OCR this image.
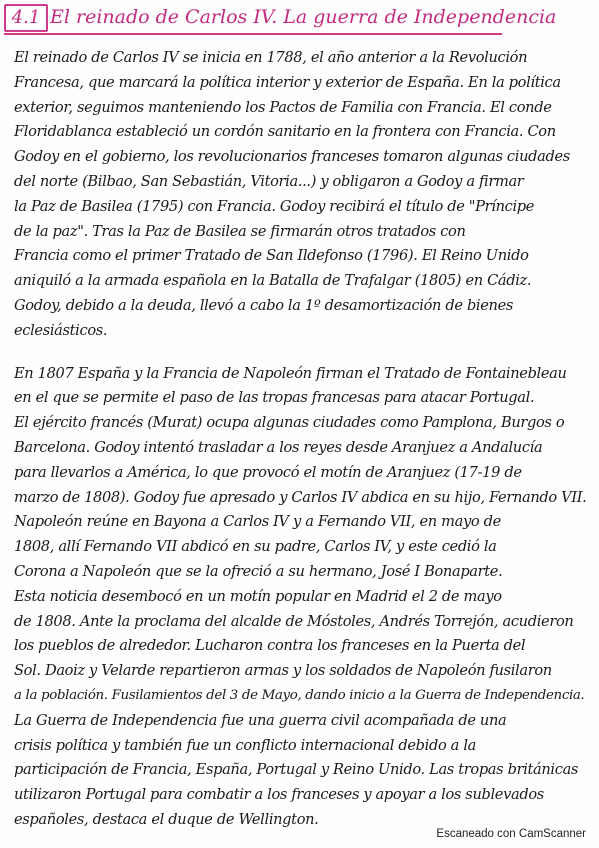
4.1 El reinado de Carlos IV. La guerra de Independencia
El reinado de Carlos IV se inicia en 1788, el año anterior a la Revolución
Francesa, que marcará la política interior y exterior de España. En la política
exterior, seguimos manteniendo los Pactos de Familia con Francia. El conde
Floridablanca estableció un cordón sanitario en la frontera con Francia. Con
Godoy en el gobierno, los revolucionarios franceses tomaron algunas ciudades
del norte (Bilbao, San Sebastián, Vitoria...) y obligaron a Godoy a firmar
la Paz de Basilea (1795) con Francia. Godoy recibirá el título de "Príncipe
de la paz". Tras la Paz de Basilea se firmarán otros tratados con
Francia como el primer Tratado de San Ildefonso (1796). El Reino Unido
aniquiló a la armada española en la Batalla de Trafalgar (1805) en Cádiz.
Godoy, debido a la deuda, llevó a cabo la 1º desamortización de bienes
eclesiásticos.
En 1807 España y la Francia de Napoleón firman el Tratado de Fontainebleau
en el que se permite el paso de las tropas francesas para atacar Portugal.
El ejército francés (Murat) ocupa algunas ciudades como Pamplona, Burgos o
Barcelona. Godoy intentó trasladar a los reyes desde Aranjuez a Andalucía
para llevarlos a América, lo que provocó el motín de Aranjuez (17-19 de
marzo de 1808). Godoy fue apresado y Carlos IV abdica en su hijo, Fernando VII.
Napoleón reúne en Bayona a Carlos IV y a Fernando VII, en mayo de
1808, allí Fernando VII abdicó en su padre, Carlos IV, y este cedió la
Corona a Napoleón que se la ofreció a su hermano, José I Bonaparte.
Esta noticia desembocó en un motín popular en Madrid el 2 de mayo
de 1808. Ante la proclama del alcalde de Móstoles, Andrés Torrejón, acudieron
los pueblos de alrededor. Lucharon contra los franceses en la Puerta del
Sol. Daoiz y Velarde repartieron armas y los soldados de Napoleón fusilaron
a la población. Fusilamientos del 3 de Mayo, dando inicio a la Guerra de Independencia.
La Guerra de Independencia fue una guerra civil acompañada de una
crisis política y también fue un conflicto internacional debido a la
participación de Francia, España, Portugal y Reino Unido. Las tropas británicas
utilizaron Portugal para combatir a los franceses y apoyar a los sublevados
españoles, destaca el duque de Wellington.
Escaneado con CamScanner
